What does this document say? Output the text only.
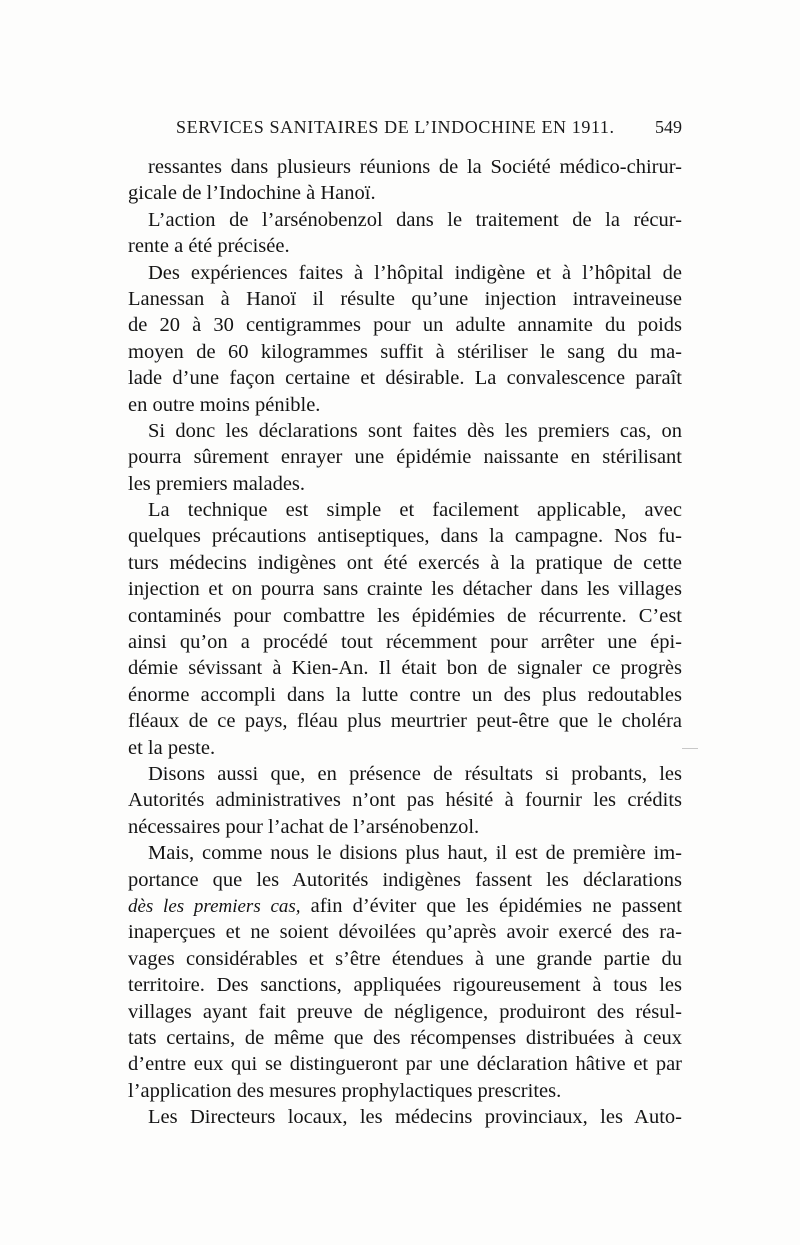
SERVICES SANITAIRES DE L’INDOCHINE EN 1911. 549
ressantes dans plusieurs réunions de la Société médico-chirur-
gicale de l’Indochine à Hanoï.
L’action de l’arsénobenzol dans le traitement de la récur-
rente a été précisée.
Des expériences faites à l’hôpital indigène et à l’hôpital de
Lanessan à Hanoï il résulte qu’une injection intraveineuse
de 20 à 30 centigrammes pour un adulte annamite du poids
moyen de 60 kilogrammes suffit à stériliser le sang du ma-
lade d’une façon certaine et désirable. La convalescence paraît
en outre moins pénible.
Si donc les déclarations sont faites dès les premiers cas, on
pourra sûrement enrayer une épidémie naissante en stérilisant
les premiers malades.
La technique est simple et facilement applicable, avec
quelques précautions antiseptiques, dans la campagne. Nos fu-
turs médecins indigènes ont été exercés à la pratique de cette
injection et on pourra sans crainte les détacher dans les villages
contaminés pour combattre les épidémies de récurrente. C’est
ainsi qu’on a procédé tout récemment pour arrêter une épi-
démie sévissant à Kien-An. Il était bon de signaler ce progrès
énorme accompli dans la lutte contre un des plus redoutables
fléaux de ce pays, fléau plus meurtrier peut-être que le choléra
et la peste.
Disons aussi que, en présence de résultats si probants, les
Autorités administratives n’ont pas hésité à fournir les crédits
nécessaires pour l’achat de l’arsénobenzol.
Mais, comme nous le disions plus haut, il est de première im-
portance que les Autorités indigènes fassent les déclarations
dès les premiers cas, afin d’éviter que les épidémies ne passent
inaperçues et ne soient dévoilées qu’après avoir exercé des ra-
vages considérables et s’être étendues à une grande partie du
territoire. Des sanctions, appliquées rigoureusement à tous les
villages ayant fait preuve de négligence, produiront des résul-
tats certains, de même que des récompenses distribuées à ceux
d’entre eux qui se distingueront par une déclaration hâtive et par
l’application des mesures prophylactiques prescrites.
Les Directeurs locaux, les médecins provinciaux, les Auto-
